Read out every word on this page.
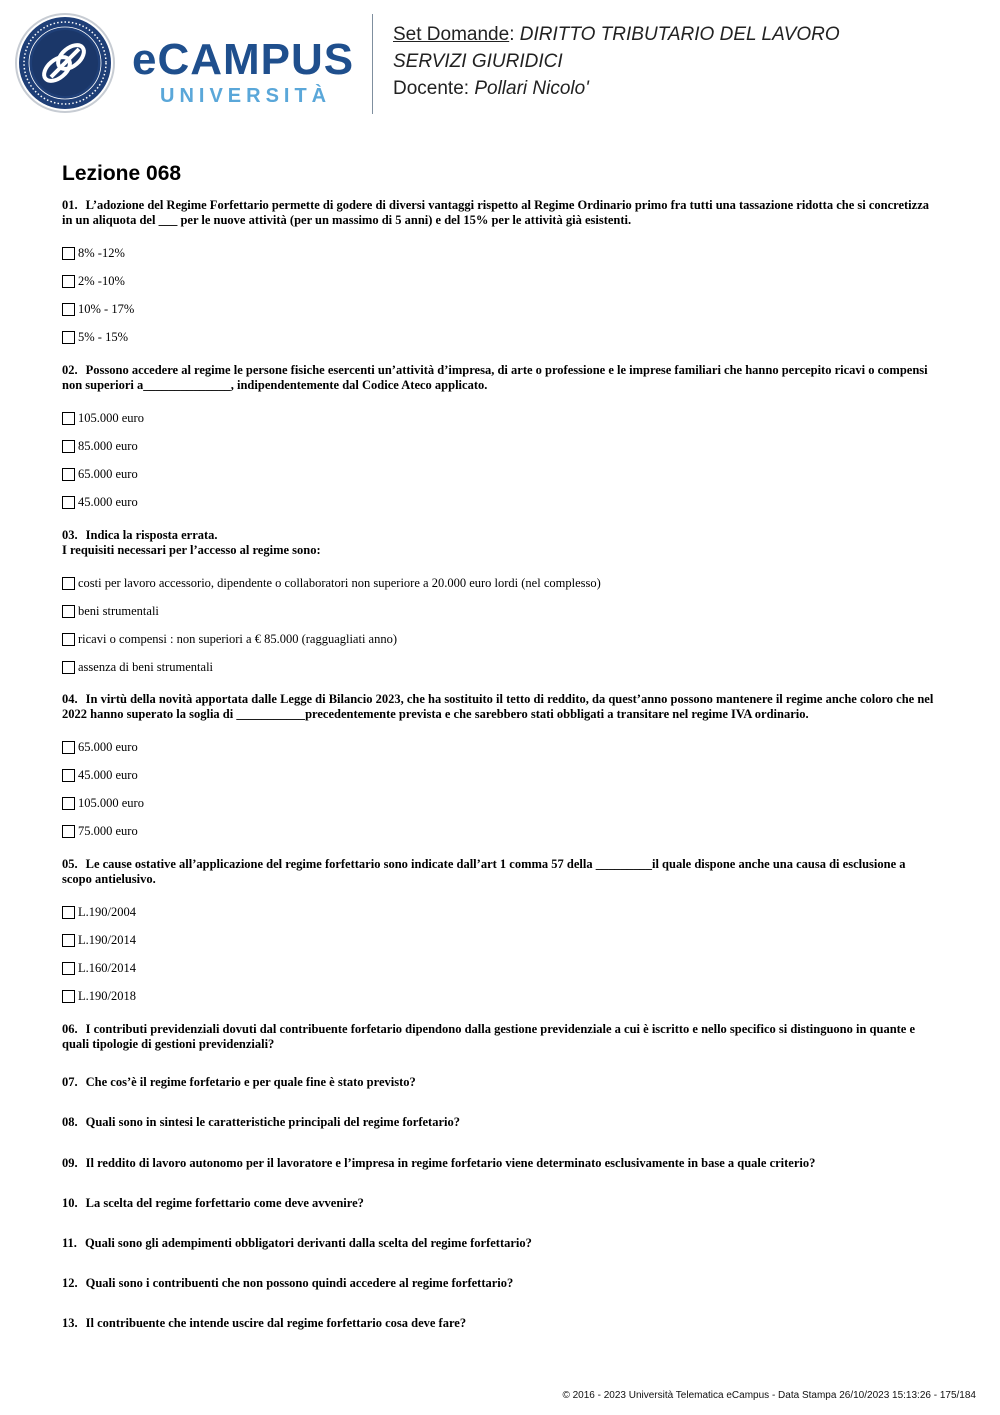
eCAMPUS
UNIVERSITÀ
Set Domande: DIRITTO TRIBUTARIO DEL LAVORO
SERVIZI GIURIDICI
Docente: Pollari Nicolo'
Lezione 068
01. L’adozione del Regime Forfettario permette di godere di diversi vantaggi rispetto al Regime Ordinario primo fra tutti una tassazione ridotta che si concretizza in un aliquota del ___ per le nuove attività (per un massimo di 5 anni) e del 15% per le attività già esistenti.
8% -12%
2% -10%
10% - 17%
5% - 15%
02. Possono accedere al regime le persone fisiche esercenti un’attività d’impresa, di arte o professione e le imprese familiari che hanno percepito ricavi o compensi non superiori a______________, indipendentemente dal Codice Ateco applicato.
105.000 euro
85.000 euro
65.000 euro
45.000 euro
03. Indica la risposta errata.
I requisiti necessari per l’accesso al regime sono:
costi per lavoro accessorio, dipendente o collaboratori non superiore a 20.000 euro lordi (nel complesso)
beni strumentali
ricavi o compensi : non superiori a € 85.000 (ragguagliati anno)
assenza di beni strumentali
04. In virtù della novità apportata dalle Legge di Bilancio 2023, che ha sostituito il tetto di reddito, da quest’anno possono mantenere il regime anche coloro che nel 2022 hanno superato la soglia di ___________precedentemente prevista e che sarebbero stati obbligati a transitare nel regime IVA ordinario.
65.000 euro
45.000 euro
105.000 euro
75.000 euro
05. Le cause ostative all’applicazione del regime forfettario sono indicate dall’art 1 comma 57 della _________il quale dispone anche una causa di esclusione a scopo antielusivo.
L.190/2004
L.190/2014
L.160/2014
L.190/2018
06. I contributi previdenziali dovuti dal contribuente forfetario dipendono dalla gestione previdenziale a cui è iscritto e nello specifico si distinguono in quante e quali tipologie di gestioni previdenziali?
07. Che cos’è il regime forfetario e per quale fine è stato previsto?
08. Quali sono in sintesi le caratteristiche principali del regime forfetario?
09. Il reddito di lavoro autonomo per il lavoratore e l’impresa in regime forfetario viene determinato esclusivamente in base a quale criterio?
10. La scelta del regime forfettario come deve avvenire?
11. Quali sono gli adempimenti obbligatori derivanti dalla scelta del regime forfettario?
12. Quali sono i contribuenti che non possono quindi accedere al regime forfettario?
13. Il contribuente che intende uscire dal regime forfettario cosa deve fare?
© 2016 - 2023 Università Telematica eCampus - Data Stampa 26/10/2023 15:13:26 - 175/184
